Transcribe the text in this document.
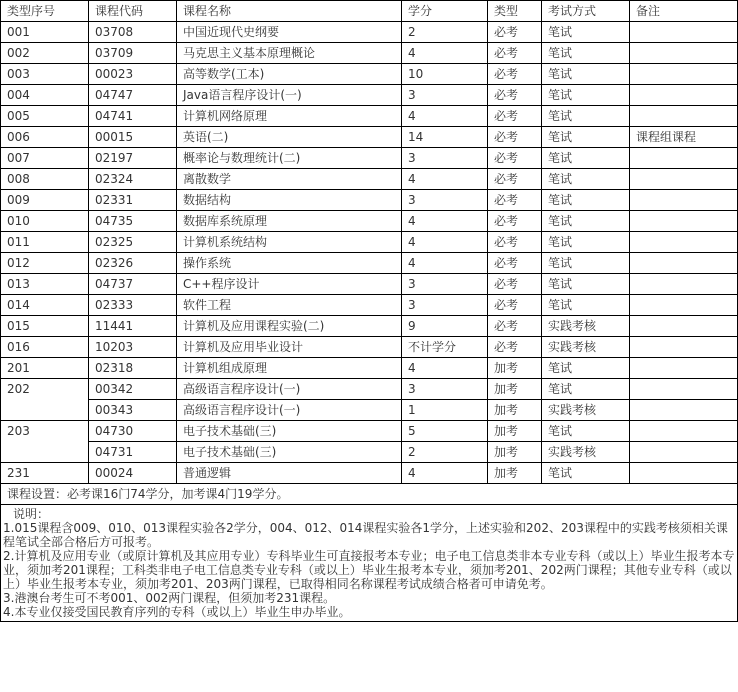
类型序号	课程代码	课程名称	学分	类型	考试方式	备注
001	03708	中国近现代史纲要	2	必考	笔试	
002	03709	马克思主义基本原理概论	4	必考	笔试	
003	00023	高等数学(工本)	10	必考	笔试	
004	04747	Java语言程序设计(一)	3	必考	笔试	
005	04741	计算机网络原理	4	必考	笔试	
006	00015	英语(二)	14	必考	笔试	课程组课程
007	02197	概率论与数理统计(二)	3	必考	笔试	
008	02324	离散数学	4	必考	笔试	
009	02331	数据结构	3	必考	笔试	
010	04735	数据库系统原理	4	必考	笔试	
011	02325	计算机系统结构	4	必考	笔试	
012	02326	操作系统	4	必考	笔试	
013	04737	C++程序设计	3	必考	笔试	
014	02333	软件工程	3	必考	笔试	
015	11441	计算机及应用课程实验(二)	9	必考	实践考核	
016	10203	计算机及应用毕业设计	不计学分	必考	实践考核	
201	02318	计算机组成原理	4	加考	笔试	
202	00342	高级语言程序设计(一)	3	加考	笔试	
	00343	高级语言程序设计(一)	1	加考	实践考核	
203	04730	电子技术基础(三)	5	加考	笔试	
	04731	电子技术基础(三)	2	加考	实践考核	
231	00024	普通逻辑	4	加考	笔试	
课程设置：必考课16门74学分，加考课4门19学分。						

说明：
1.015课程含009、010、013课程实验各2学分，004、012、014课程实验各1学分，上述实验和202、203课程中的实践考核须相关课程笔试全部合格后方可报考。
2.计算机及应用专业（或原计算机及其应用专业）专科毕业生可直接报考本专业；电子电工信息类非本专业专科（或以上）毕业生报考本专业，须加考201课程；工科类非电子电工信息类专业专科（或以上）毕业生报考本专业，须加考201、202两门课程；其他专业专科（或以上）毕业生报考本专业，须加考201、203两门课程，已取得相同名称课程考试成绩合格者可申请免考。
3.港澳台考生可不考001、002两门课程，但须加考231课程。
4.本专业仅接受国民教育序列的专科（或以上）毕业生申办毕业。						
